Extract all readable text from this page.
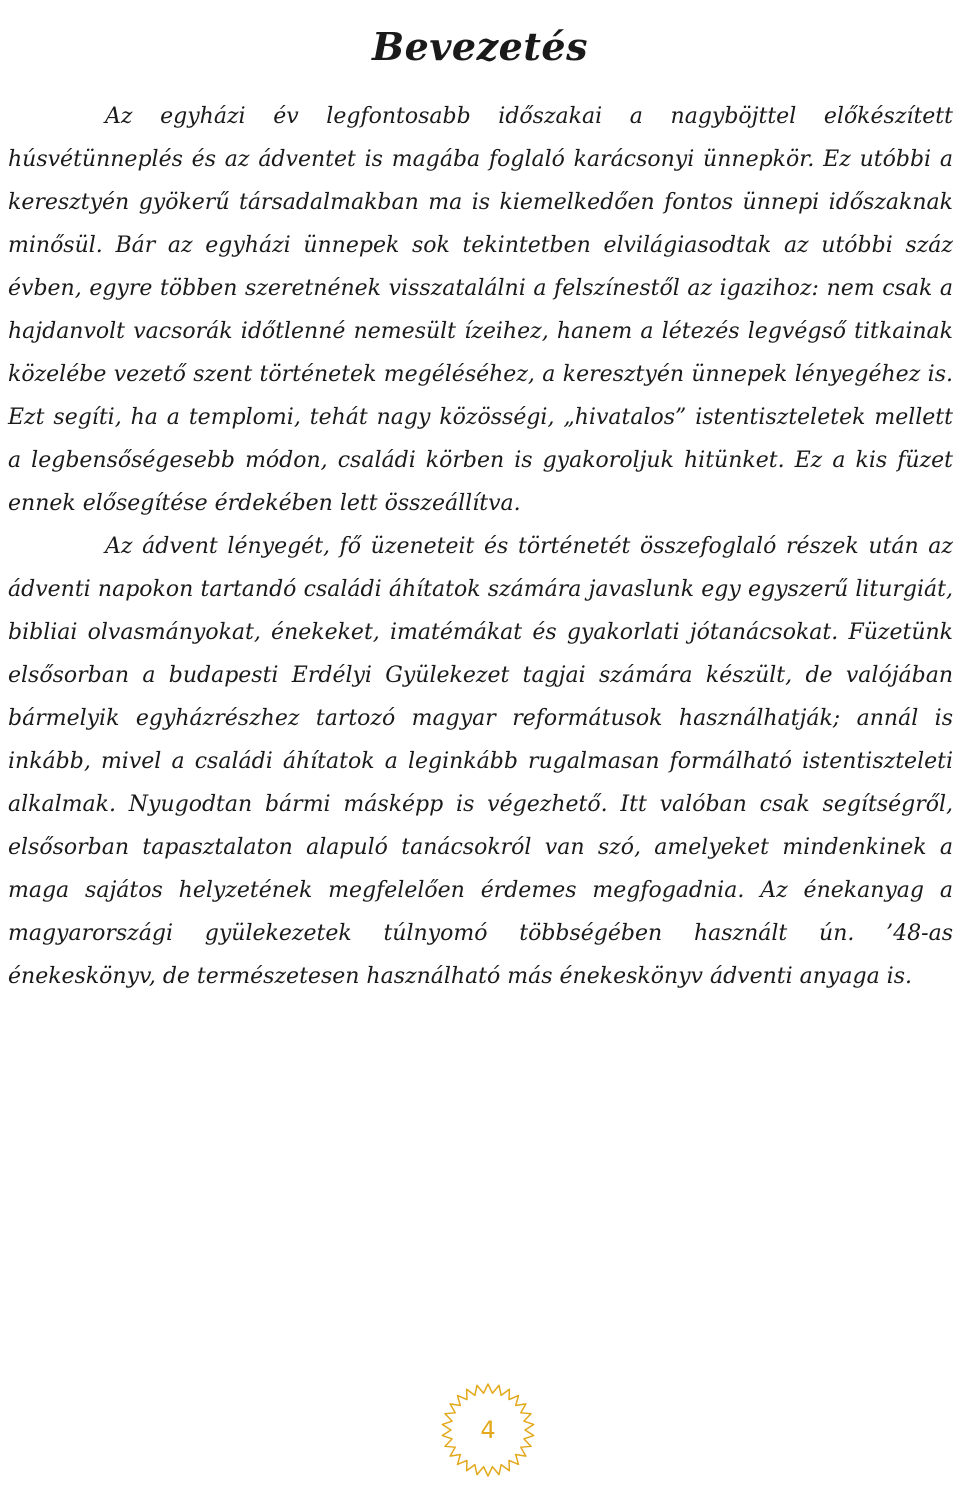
Bevezetés

Az egyházi év legfontosabb időszakai a nagyböjttel előkészített húsvétünneplés és az ádventet is magába foglaló karácsonyi ünnepkör. Ez utóbbi a keresztyén gyökerű társadalmakban ma is kiemelkedően fontos ünnepi időszaknak minősül. Bár az egyházi ünnepek sok tekintetben elvilágiasodtak az utóbbi száz évben, egyre többen szeretnének visszatalálni a felszínestől az igazihoz: nem csak a hajdanvolt vacsorák időtlenné nemesült ízeihez, hanem a létezés legvégső titkainak közelébe vezető szent történetek megéléséhez, a keresztyén ünnepek lényegéhez is. Ezt segíti, ha a templomi, tehát nagy közösségi, „hivatalos” istentiszteletek mellett a legbensőségesebb módon, családi körben is gyakoroljuk hitünket. Ez a kis füzet ennek elősegítése érdekében lett összeállítva.

Az ádvent lényegét, fő üzeneteit és történetét összefoglaló részek után az ádventi napokon tartandó családi áhítatok számára javaslunk egy egyszerű liturgiát, bibliai olvasmányokat, énekeket, imatémákat és gyakorlati jótanácsokat. Füzetünk elsősorban a budapesti Erdélyi Gyülekezet tagjai számára készült, de valójában bármelyik egyházrészhez tartozó magyar reformátusok használhatják; annál is inkább, mivel a családi áhítatok a leginkább rugalmasan formálható istentiszteleti alkalmak. Nyugodtan bármi másképp is végezhető. Itt valóban csak segítségről, elsősorban tapasztalaton alapuló tanácsokról van szó, amelyeket mindenkinek a maga sajátos helyzetének megfelelően érdemes megfogadnia. Az énekanyag a magyarországi gyülekezetek túlnyomó többségében használt ún. ’48-as énekeskönyv, de természetesen használható más énekeskönyv ádventi anyaga is.

4
